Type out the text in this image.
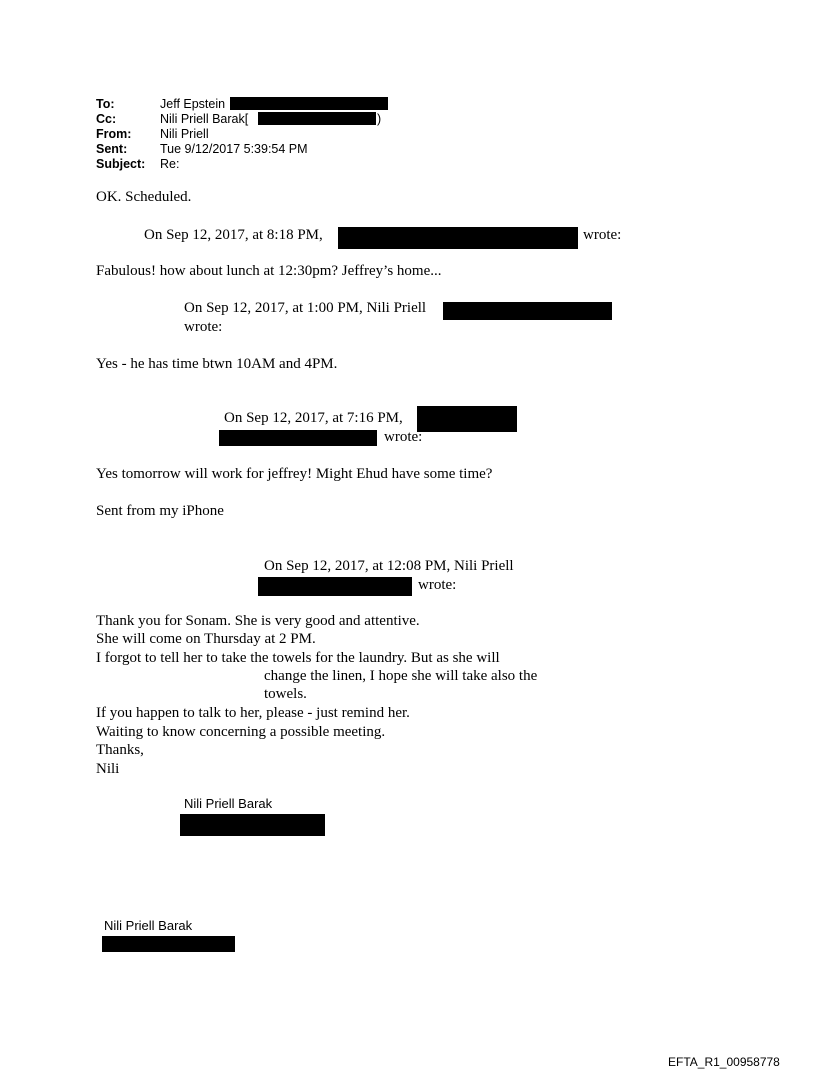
To:	Jeff Epstein
Cc:	Nili Priell Barak[	)
From: Nili Priell
Sent:	Tue 9/12/2017 5:39:54 PM
Subject: Re:
OK. Scheduled.
On Sep 12, 2017, at 8:18 PM,	wrote:
Fabulous! how about lunch at 12:30pm? Jeffrey’s home...
On Sep 12, 2017, at 1:00 PM, Nili Priell
wrote:
Yes - he has time btwn 10AM and 4PM.
On Sep 12, 2017, at 7:16 PM,
wrote:
Yes tomorrow will work for jeffrey! Might Ehud have some time?
Sent from my iPhone
On Sep 12, 2017, at 12:08 PM, Nili Priell
wrote:
Thank you for Sonam. She is very good and attentive.
She will come on Thursday at 2 PM.
I forgot to tell her to take the towels for the laundry. But as she will
change the linen, I hope she will take also the
towels.
If you happen to talk to her, please - just remind her.
Waiting to know concerning a possible meeting.
Thanks,
Nili
Nili Priell Barak
Nili Priell Barak
EFTA_R1_00958778
